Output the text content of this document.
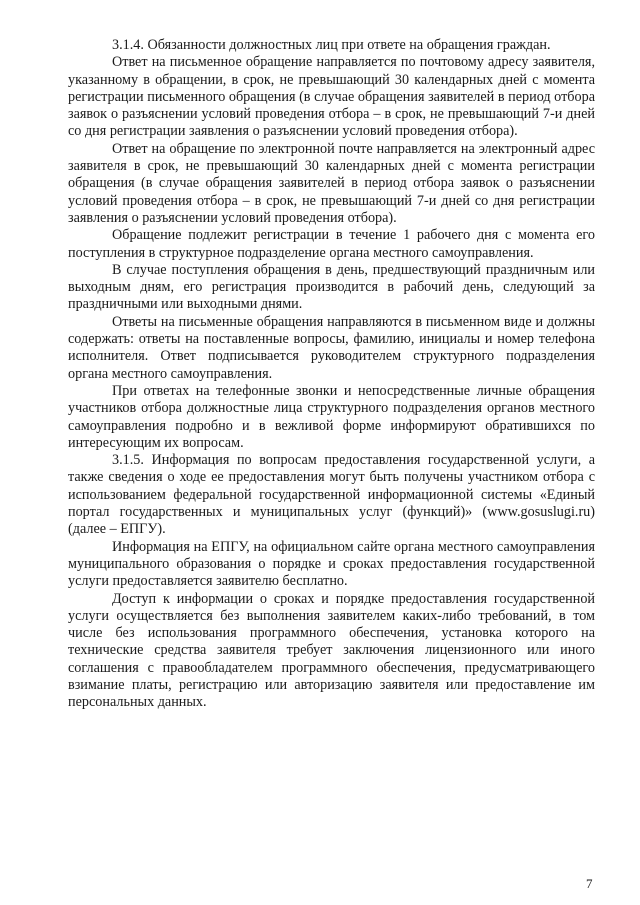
3.1.4. Обязанности должностных лиц при ответе на обращения граждан.

Ответ на письменное обращение направляется по почтовому адресу заявителя, указанному в обращении, в срок, не превышающий 30 календарных дней с момента регистрации письменного обращения (в случае обращения заявителей в период отбора заявок о разъяснении условий проведения отбора – в срок, не превышающий 7-и дней со дня регистрации заявления о разъяснении условий проведения отбора).

Ответ на обращение по электронной почте направляется на электронный адрес заявителя в срок, не превышающий 30 календарных дней с момента регистрации обращения (в случае обращения заявителей в период отбора заявок о разъяснении условий проведения отбора – в срок, не превышающий 7-и дней со дня регистрации заявления о разъяснении условий проведения отбора).

Обращение подлежит регистрации в течение 1 рабочего дня с момента его поступления в структурное подразделение органа местного самоуправления.

В случае поступления обращения в день, предшествующий праздничным или выходным дням, его регистрация производится в рабочий день, следующий за праздничными или выходными днями.

Ответы на письменные обращения направляются в письменном виде и должны содержать: ответы на поставленные вопросы, фамилию, инициалы и номер телефона исполнителя. Ответ подписывается руководителем структурного подразделения органа местного самоуправления.

При ответах на телефонные звонки и непосредственные личные обращения участников отбора должностные лица структурного подразделения органов местного самоуправления подробно и в вежливой форме информируют обратившихся по интересующим их вопросам.

3.1.5. Информация по вопросам предоставления государственной услуги, а также сведения о ходе ее предоставления могут быть получены участником отбора с использованием федеральной государственной информационной системы «Единый портал государственных и муниципальных услуг (функций)» (www.gosuslugi.ru) (далее – ЕПГУ).

Информация на ЕПГУ, на официальном сайте органа местного самоуправления муниципального образования о порядке и сроках предоставления государственной услуги предоставляется заявителю бесплатно.

Доступ к информации о сроках и порядке предоставления государственной услуги осуществляется без выполнения заявителем каких-либо требований, в том числе без использования программного обеспечения, установка которого на технические средства заявителя требует заключения лицензионного или иного соглашения с правообладателем программного обеспечения, предусматривающего взимание платы, регистрацию или авторизацию заявителя или предоставление им персональных данных.

7
